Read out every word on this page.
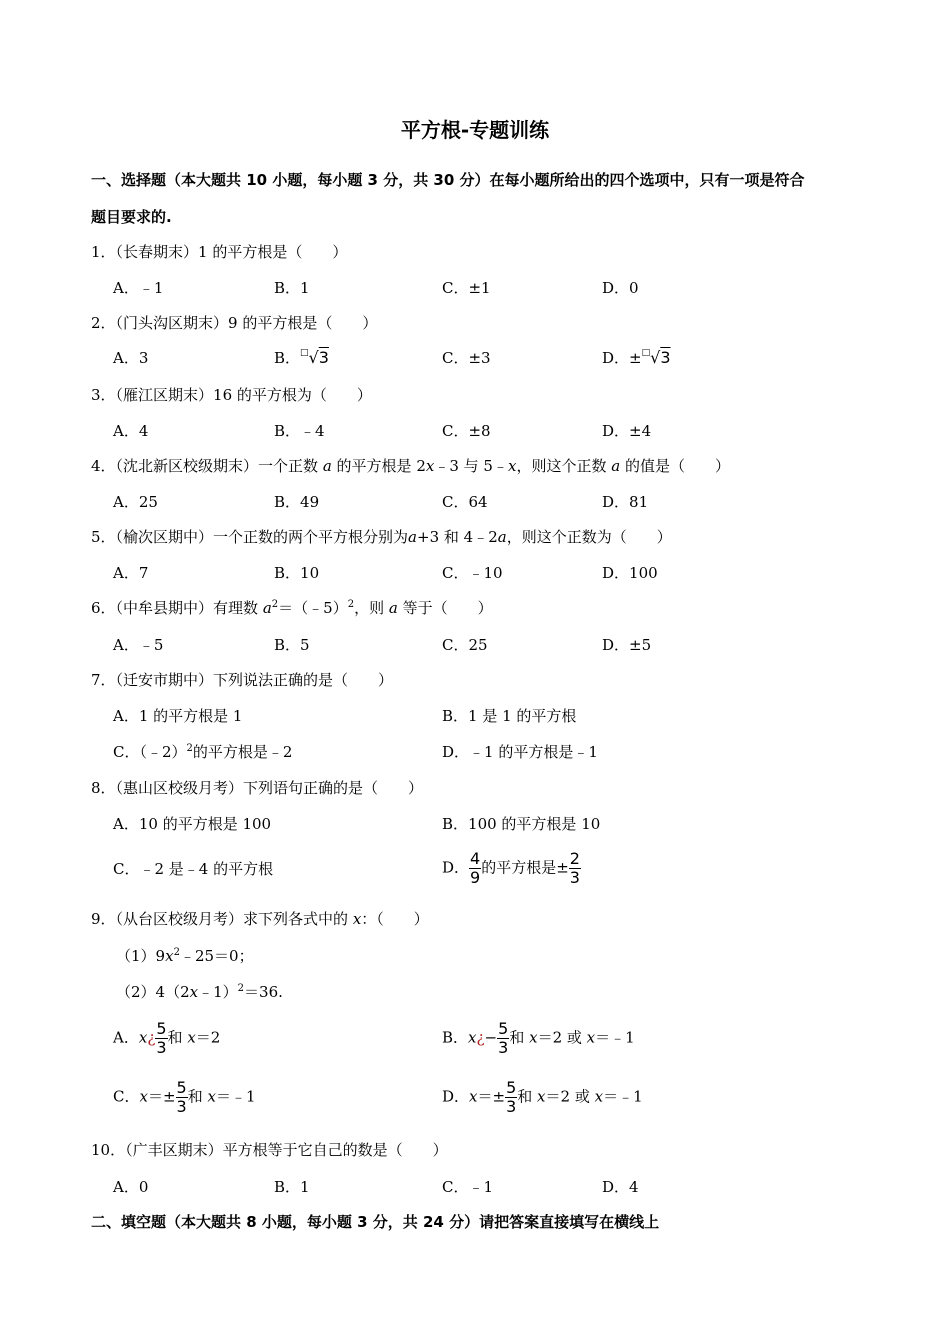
平方根-专题训练
一、选择题（本大题共 10 小题，每小题 3 分，共 30 分）在每小题所给出的四个选项中，只有一项是符合
题目要求的.
1．（长春期末）1 的平方根是（　　）
A．﹣1	B．1	C．±1	D．0
2．（门头沟区期末）9 的平方根是（　　）
A．3	B．□√3	C．±3	D．±□√3
3．（雁江区期末）16 的平方根为（　　）
A．4	B．﹣4	C．±8	D．±4
4．（沈北新区校级期末）一个正数 a 的平方根是 2x﹣3 与 5﹣x，则这个正数 a 的值是（　　）
A．25	B．49	C．64	D．81
5．（榆次区期中）一个正数的两个平方根分别为a+3 和 4﹣2a，则这个正数为（　　）
A．7	B．10	C．﹣10	D．100
6．（中牟县期中）有理数 $a^2=(﹣5)^2$，则 a 等于（　　）
A．﹣5	B．5	C．25	D．±5
7．（迁安市期中）下列说法正确的是（　　）
A．1 的平方根是 1	B．1 是 1 的平方根
C．（﹣2）$^2$的平方根是﹣2	D．﹣1 的平方根是﹣1
8．（惠山区校级月考）下列语句正确的是（　　）
A．10 的平方根是 100	B．100 的平方根是 10
C．﹣2 是﹣4 的平方根	D． $\frac{4}{9}$ 的平方根是± $\frac{2}{3}$
9．（从台区校级月考）求下列各式中的 x：（　　）
$(1)9x^2﹣25=0$；
（2）4（2x﹣1）$^2$＝36.
A．x¿ $\frac{5}{3}$ 和 x＝2	B．x¿− $\frac{5}{3}$ 和 x＝2 或 x＝﹣1
C．$x=\pm \frac{5}{3}$ 和 x＝﹣1	D．$x=\pm \frac{5}{3}$ 和 x＝2 或 x＝﹣1
10．（广丰区期末）平方根等于它自己的数是（　　）
A．0	B．1	C．﹣1	D．4
二、填空题（本大题共 8 小题，每小题 3 分，共 24 分）请把答案直接填写在横线上
